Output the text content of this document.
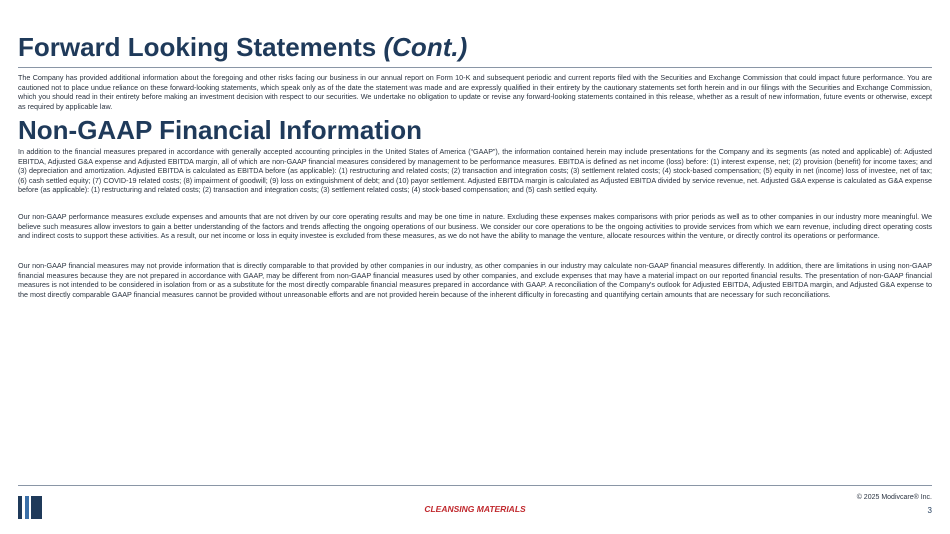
Forward Looking Statements (Cont.)

The Company has provided additional information about the foregoing and other risks facing our business in our annual report on Form 10-K and subsequent periodic and current reports filed with the Securities and Exchange Commission that could impact future performance. You are cautioned not to place undue reliance on these forward-looking statements, which speak only as of the date the statement was made and are expressly qualified in their entirety by the cautionary statements set forth herein and in our filings with the Securities and Exchange Commission, which you should read in their entirety before making an investment decision with respect to our securities. We undertake no obligation to update or revise any forward-looking statements contained in this release, whether as a result of new information, future events or otherwise, except as required by applicable law.

Non-GAAP Financial Information

In addition to the financial measures prepared in accordance with generally accepted accounting principles in the United States of America (“GAAP”), the information contained herein may include presentations for the Company and its segments (as noted and applicable) of: Adjusted EBITDA, Adjusted G&A expense and Adjusted EBITDA margin, all of which are non-GAAP financial measures considered by management to be performance measures. EBITDA is defined as net income (loss) before: (1) interest expense, net; (2) provision (benefit) for income taxes; and (3) depreciation and amortization. Adjusted EBITDA is calculated as EBITDA before (as applicable): (1) restructuring and related costs; (2) transaction and integration costs; (3) settlement related costs; (4) stock-based compensation; (5) equity in net (income) loss of investee, net of tax; (6) cash settled equity; (7) COVID-19 related costs; (8) impairment of goodwill; (9) loss on extinguishment of debt; and (10) payor settlement. Adjusted EBITDA margin is calculated as Adjusted EBITDA divided by service revenue, net. Adjusted G&A expense is calculated as G&A expense before (as applicable): (1) restructuring and related costs; (2) transaction and integration costs; (3) settlement related costs; (4) stock-based compensation; and (5) cash settled equity.

Our non-GAAP performance measures exclude expenses and amounts that are not driven by our core operating results and may be one time in nature. Excluding these expenses makes comparisons with prior periods as well as to other companies in our industry more meaningful. We believe such measures allow investors to gain a better understanding of the factors and trends affecting the ongoing operations of our business. We consider our core operations to be the ongoing activities to provide services from which we earn revenue, including direct operating costs and indirect costs to support these activities. As a result, our net income or loss in equity investee is excluded from these measures, as we do not have the ability to manage the venture, allocate resources within the venture, or directly control its operations or performance.

Our non-GAAP financial measures may not provide information that is directly comparable to that provided by other companies in our industry, as other companies in our industry may calculate non-GAAP financial measures differently. In addition, there are limitations in using non-GAAP financial measures because they are not prepared in accordance with GAAP, may be different from non-GAAP financial measures used by other companies, and exclude expenses that may have a material impact on our reported financial results. The presentation of non-GAAP financial measures is not intended to be considered in isolation from or as a substitute for the most directly comparable financial measures prepared in accordance with GAAP. A reconciliation of the Company's outlook for Adjusted EBITDA, Adjusted EBITDA margin, and Adjusted G&A expense to the most directly comparable GAAP financial measures cannot be provided without unreasonable efforts and are not provided herein because of the inherent difficulty in forecasting and quantifying certain amounts that are necessary for such reconciliations.

© 2025 Modivcare® Inc.
CLEANSING MATERIALS	3
